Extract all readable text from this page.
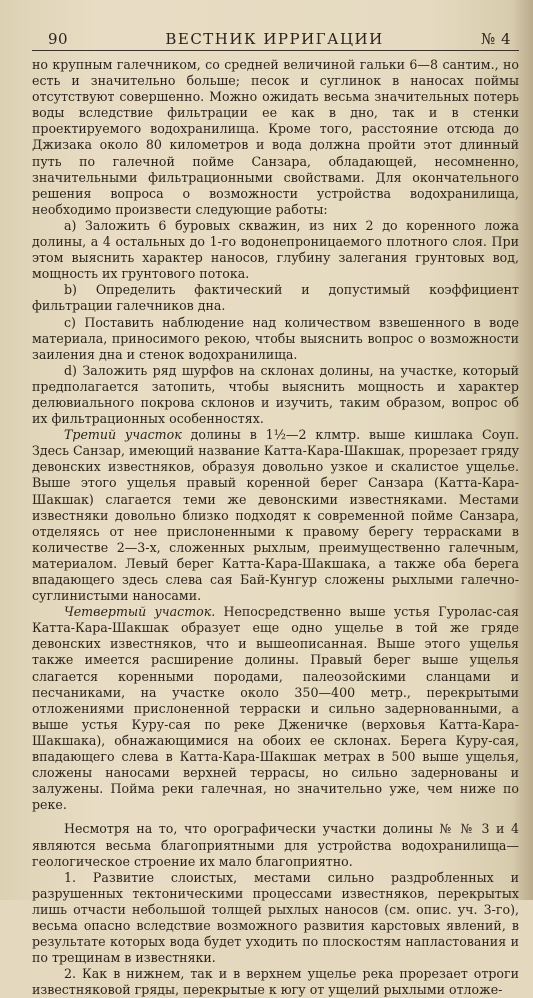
90	ВЕСТНИК ИРРИГАЦИИ	№ 4

но крупным галечником, со средней величиной гальки 6—8 сантим., но есть и значительно больше; песок и суглинок в наносах поймы отсутствуют совершенно. Можно ожидать весьма значительных потерь воды вследствие фильтрации ее как в дно, так и в стенки проектируемого водохранилища. Кроме того, расстояние отсюда до Джизака около 80 километров и вода должна пройти этот длинный путь по галечной пойме Санзара, обладающей, несомненно, значительными фильтрационными свойствами. Для окончательного решения вопроса о возможности устройства водохранилища, необходимо произвести следующие работы:

a) Заложить 6 буровых скважин, из них 2 до коренного ложа долины, а 4 остальных до 1-го водонепроницаемого плотного слоя. При этом выяснить характер наносов, глубину залегания грунтовых вод, мощность их грунтового потока.

b) Определить фактический и допустимый коэффициент фильтрации галечников дна.

c) Поставить наблюдение над количеством взвешенного в воде материала, приносимого рекою, чтобы выяснить вопрос о возможности заиления дна и стенок водохранилища.

d) Заложить ряд шурфов на склонах долины, на участке, который предполагается затопить, чтобы выяснить мощность и характер делювиального покрова склонов и изучить, таким образом, вопрос об их фильтрационных особенностях.

Третий участок долины в 1½—2 клмтр. выше кишлака Соуп. Здесь Санзар, имеющий название Катта-Кара-Шакшак, прорезает гряду девонских известняков, образуя довольно узкое и скалистое ущелье. Выше этого ущелья правый коренной берег Санзара (Катта-Кара-Шакшак) слагается теми же девонскими известняками. Местами известняки довольно близко подходят к современной пойме Санзара, отделяясь от нее прислоненными к правому берегу террасками в количестве 2—3-х, сложенных рыхлым, преимущественно галечным, материалом. Левый берег Катта-Кара-Шакшака, а также оба берега впадающего здесь слева сая Бай-Кунгур сложены рыхлыми галечно-суглинистыми наносами.

Четвертый участок. Непосредственно выше устья Гуролас-сая Катта-Кара-Шакшак образует еще одно ущелье в той же гряде девонских известняков, что и вышеописанная. Выше этого ущелья также имеется расширение долины. Правый берег выше ущелья слагается коренными породами, палеозойскими сланцами и песчаниками, на участке около 350—400 метр., перекрытыми отложениями прислоненной терраски и сильно задернованными, а выше устья Куру-сая по реке Дженичке (верховья Катта-Кара-Шакшака), обнажающимися на обоих ее склонах. Берега Куру-сая, впадающего слева в Катта-Кара-Шакшак метрах в 500 выше ущелья, сложены наносами верхней террасы, но сильно задернованы и залужены. Пойма реки галечная, но значительно уже, чем ниже по реке.

Несмотря на то, что орографически участки долины № № 3 и 4 являются весьма благоприятными для устройства водохранилища—геологическое строение их мало благоприятно.

1. Развитие слоистых, местами сильно раздробленных и разрушенных тектоническими процессами известняков, перекрытых лишь отчасти небольшой толщей рыхлых наносов (см. опис. уч. 3-го), весьма опасно вследствие возможного развития карстовых явлений, в результате которых вода будет уходить по плоскостям напластования и по трещинам в известняки.

2. Как в нижнем, так и в верхнем ущелье река прорезает отроги известняковой гряды, перекрытые к югу от ущелий рыхлыми отложе-
